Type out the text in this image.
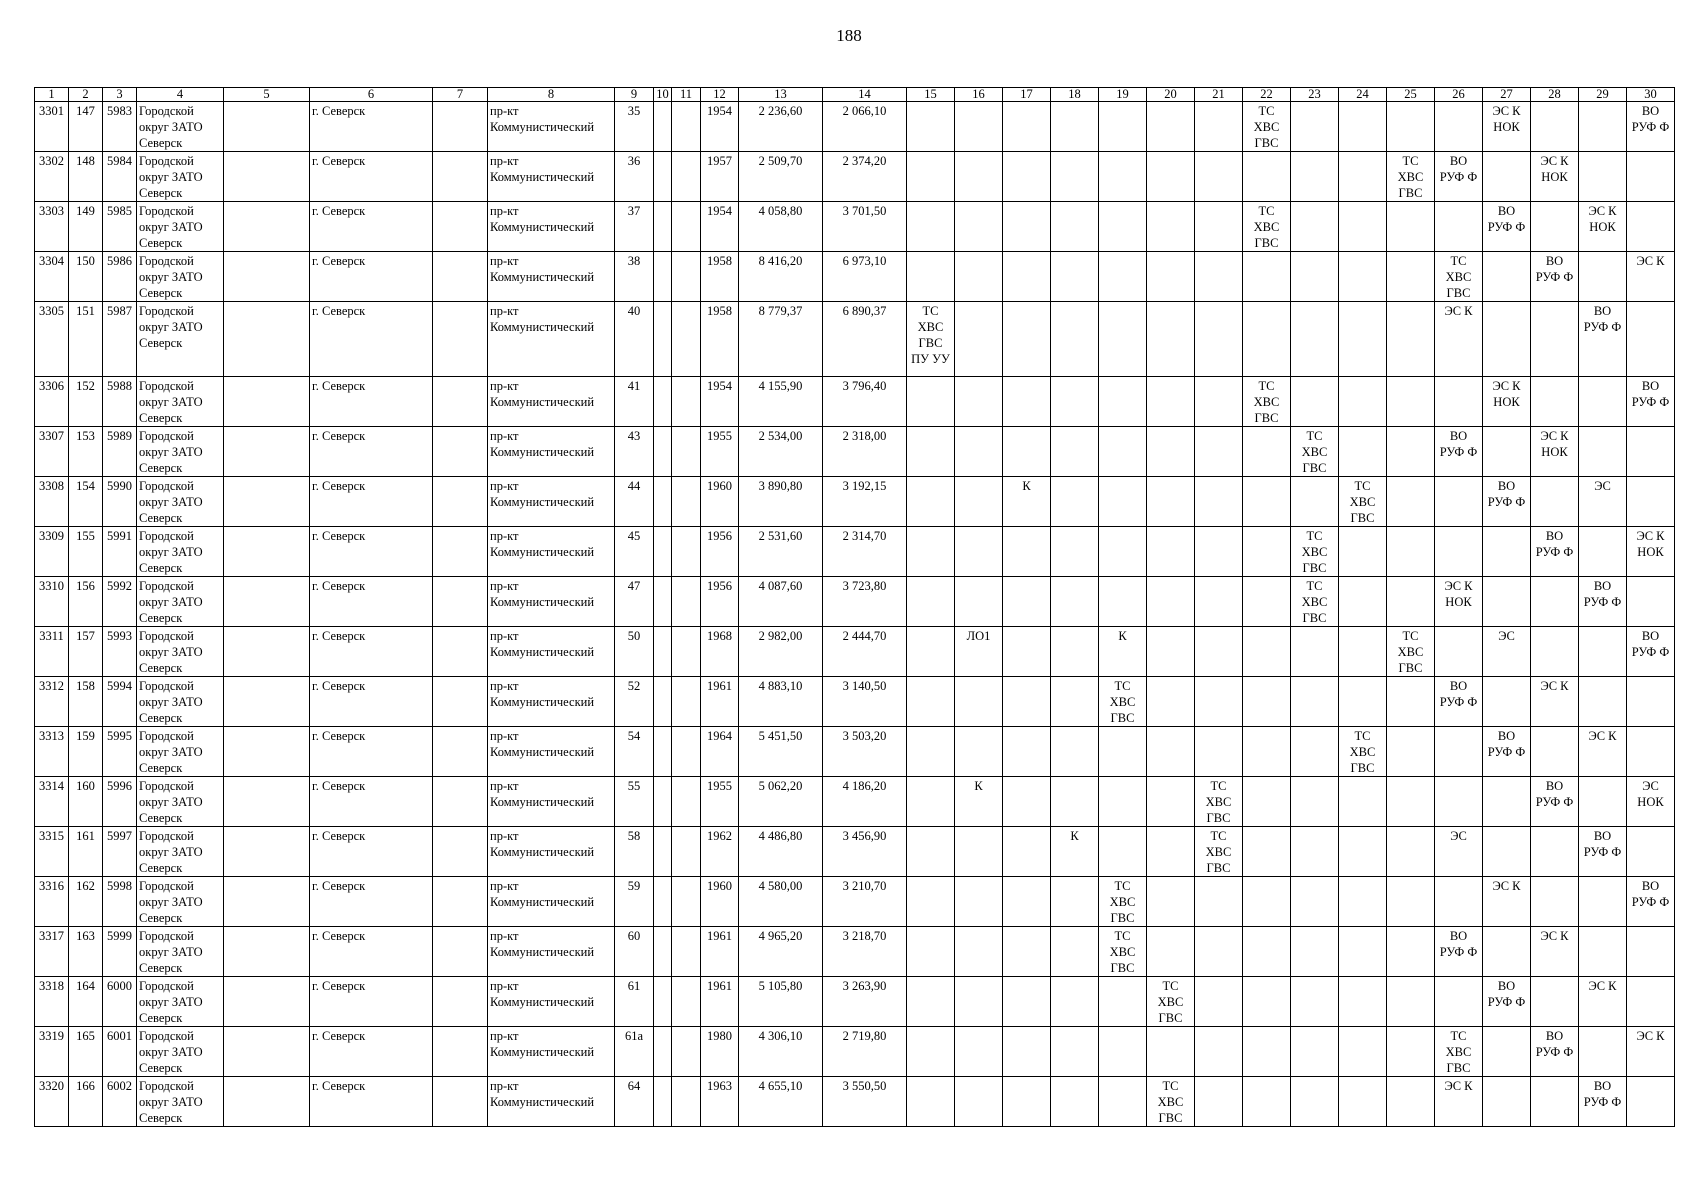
188
1	2	3	4	5	6	7	8	9	10	11	12	13	14	15	16	17	18	19	20	21	22	23	24	25	26	27	28	29	30
3301	147	5983	Городской
округ ЗАТО
Северск		г. Северск		пр-кт
Коммунистический	35			1954	2 236,60	2 066,10								ТС
ХВС
ГВС					ЭС К
НОК			ВО
РУФ Ф
3302	148	5984	Городской
округ ЗАТО
Северск		г. Северск		пр-кт
Коммунистический	36			1957	2 509,70	2 374,20											ТС
ХВС
ГВС	ВО
РУФ Ф		ЭС К
НОК		
3303	149	5985	Городской
округ ЗАТО
Северск		г. Северск		пр-кт
Коммунистический	37			1954	4 058,80	3 701,50								ТС
ХВС
ГВС					ВО
РУФ Ф		ЭС К
НОК	
3304	150	5986	Городской
округ ЗАТО
Северск		г. Северск		пр-кт
Коммунистический	38			1958	8 416,20	6 973,10												ТС
ХВС
ГВС		ВО
РУФ Ф		ЭС К
3305	151	5987	Городской
округ ЗАТО
Северск		г. Северск		пр-кт
Коммунистический	40			1958	8 779,37	6 890,37	ТС
ХВС
ГВС
ПУ УУ											ЭС К			ВО
РУФ Ф	
3306	152	5988	Городской
округ ЗАТО
Северск		г. Северск		пр-кт
Коммунистический	41			1954	4 155,90	3 796,40								ТС
ХВС
ГВС					ЭС К
НОК			ВО
РУФ Ф
3307	153	5989	Городской
округ ЗАТО
Северск		г. Северск		пр-кт
Коммунистический	43			1955	2 534,00	2 318,00									ТС
ХВС
ГВС			ВО
РУФ Ф		ЭС К
НОК		
3308	154	5990	Городской
округ ЗАТО
Северск		г. Северск		пр-кт
Коммунистический	44			1960	3 890,80	3 192,15			К							ТС
ХВС
ГВС			ВО
РУФ Ф		ЭС	
3309	155	5991	Городской
округ ЗАТО
Северск		г. Северск		пр-кт
Коммунистический	45			1956	2 531,60	2 314,70									ТС
ХВС
ГВС					ВО
РУФ Ф		ЭС К
НОК
3310	156	5992	Городской
округ ЗАТО
Северск		г. Северск		пр-кт
Коммунистический	47			1956	4 087,60	3 723,80									ТС
ХВС
ГВС			ЭС К
НОК			ВО
РУФ Ф	
3311	157	5993	Городской
округ ЗАТО
Северск		г. Северск		пр-кт
Коммунистический	50			1968	2 982,00	2 444,70		ЛО1			К						ТС
ХВС
ГВС		ЭС			ВО
РУФ Ф
3312	158	5994	Городской
округ ЗАТО
Северск		г. Северск		пр-кт
Коммунистический	52			1961	4 883,10	3 140,50					ТС
ХВС
ГВС							ВО
РУФ Ф		ЭС К		
3313	159	5995	Городской
округ ЗАТО
Северск		г. Северск		пр-кт
Коммунистический	54			1964	5 451,50	3 503,20										ТС
ХВС
ГВС			ВО
РУФ Ф		ЭС К	
3314	160	5996	Городской
округ ЗАТО
Северск		г. Северск		пр-кт
Коммунистический	55			1955	5 062,20	4 186,20		К					ТС
ХВС
ГВС							ВО
РУФ Ф		ЭС
НОК
3315	161	5997	Городской
округ ЗАТО
Северск		г. Северск		пр-кт
Коммунистический	58			1962	4 486,80	3 456,90				К			ТС
ХВС
ГВС					ЭС			ВО
РУФ Ф	
3316	162	5998	Городской
округ ЗАТО
Северск		г. Северск		пр-кт
Коммунистический	59			1960	4 580,00	3 210,70					ТС
ХВС
ГВС								ЭС К			ВО
РУФ Ф
3317	163	5999	Городской
округ ЗАТО
Северск		г. Северск		пр-кт
Коммунистический	60			1961	4 965,20	3 218,70					ТС
ХВС
ГВС							ВО
РУФ Ф		ЭС К		
3318	164	6000	Городской
округ ЗАТО
Северск		г. Северск		пр-кт
Коммунистический	61			1961	5 105,80	3 263,90						ТС
ХВС
ГВС							ВО
РУФ Ф		ЭС К	
3319	165	6001	Городской
округ ЗАТО
Северск		г. Северск		пр-кт
Коммунистический	61а			1980	4 306,10	2 719,80												ТС
ХВС
ГВС		ВО
РУФ Ф		ЭС К
3320	166	6002	Городской
округ ЗАТО
Северск		г. Северск		пр-кт
Коммунистический	64			1963	4 655,10	3 550,50						ТС
ХВС
ГВС						ЭС К			ВО
РУФ Ф	
